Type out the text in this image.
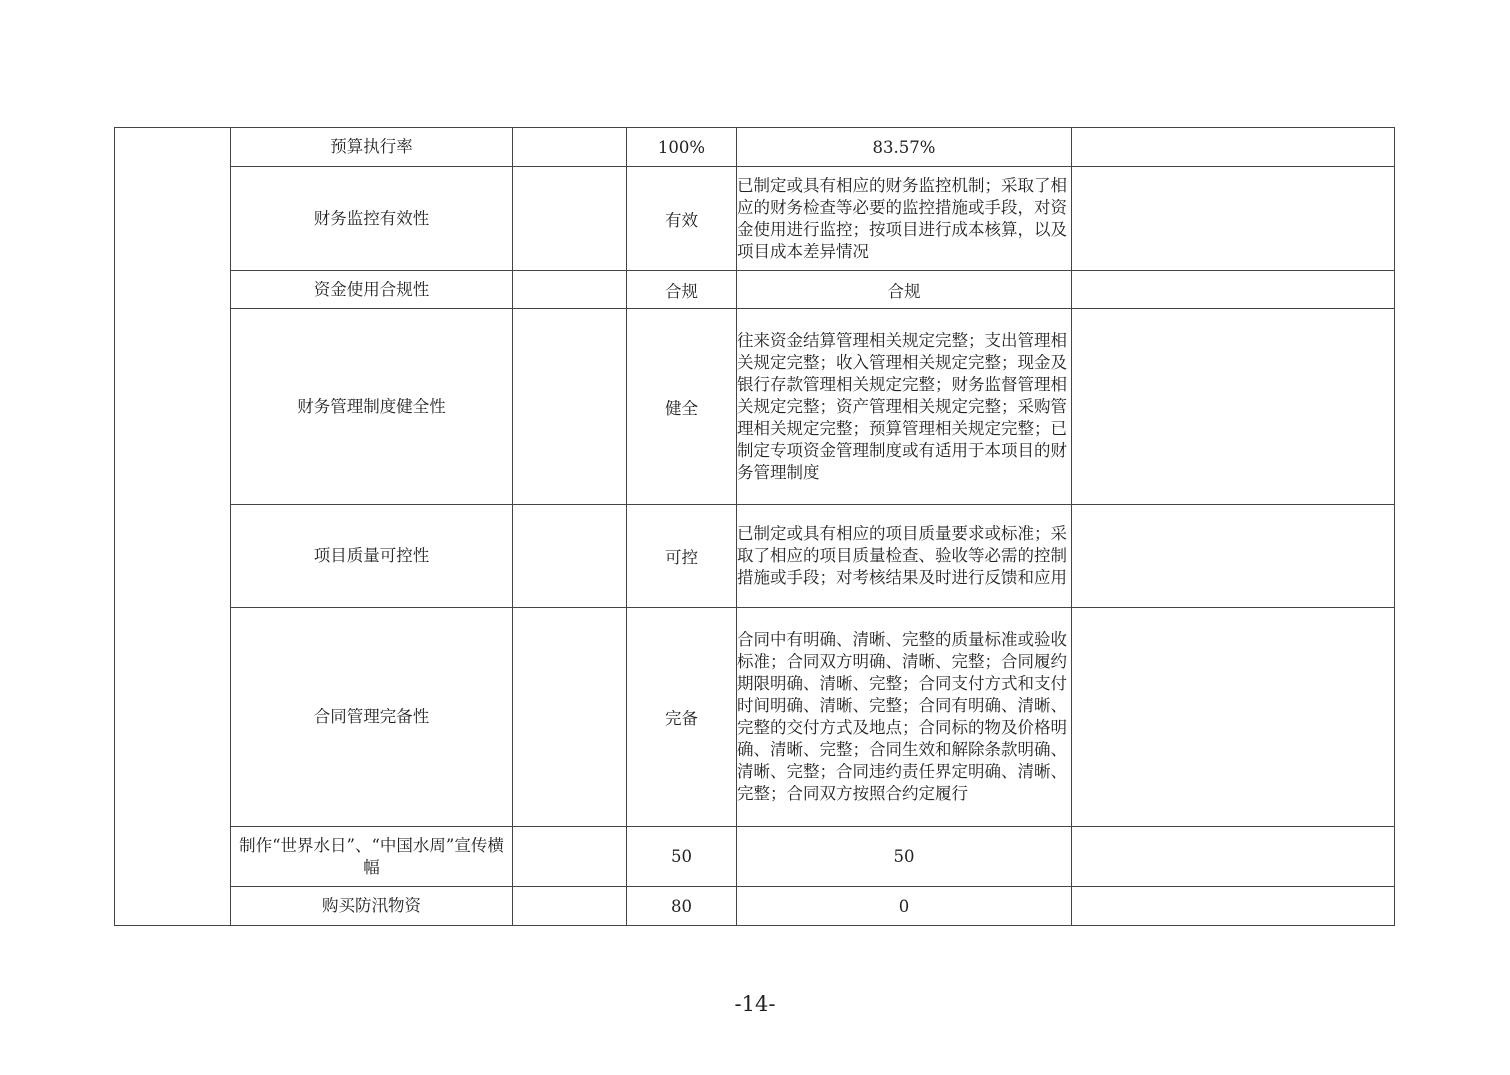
	预算执行率		100%	83.57%	
	财务监控有效性		有效	已制定或具有相应的财务监控机制；采取了相应的财务检查等必要的监控措施或手段，对资金使用进行监控；按项目进行成本核算，以及项目成本差异情况	
	资金使用合规性		合规	合规	
	财务管理制度健全性		健全	往来资金结算管理相关规定完整；支出管理相关规定完整；收入管理相关规定完整；现金及银行存款管理相关规定完整；财务监督管理相关规定完整；资产管理相关规定完整；采购管理相关规定完整；预算管理相关规定完整；已制定专项资金管理制度或有适用于本项目的财务管理制度	
	项目质量可控性		可控	已制定或具有相应的项目质量要求或标准；采取了相应的项目质量检查、验收等必需的控制措施或手段；对考核结果及时进行反馈和应用	
	合同管理完备性		完备	合同中有明确、清晰、完整的质量标准或验收标准；合同双方明确、清晰、完整；合同履约期限明确、清晰、完整；合同支付方式和支付时间明确、清晰、完整；合同有明确、清晰、完整的交付方式及地点；合同标的物及价格明确、清晰、完整；合同生效和解除条款明确、清晰、完整；合同违约责任界定明确、清晰、完整；合同双方按照合约定履行	
	制作“世界水日”、“中国水周”宣传横幅		50	50	
	购买防汛物资		80	0	
-14-
